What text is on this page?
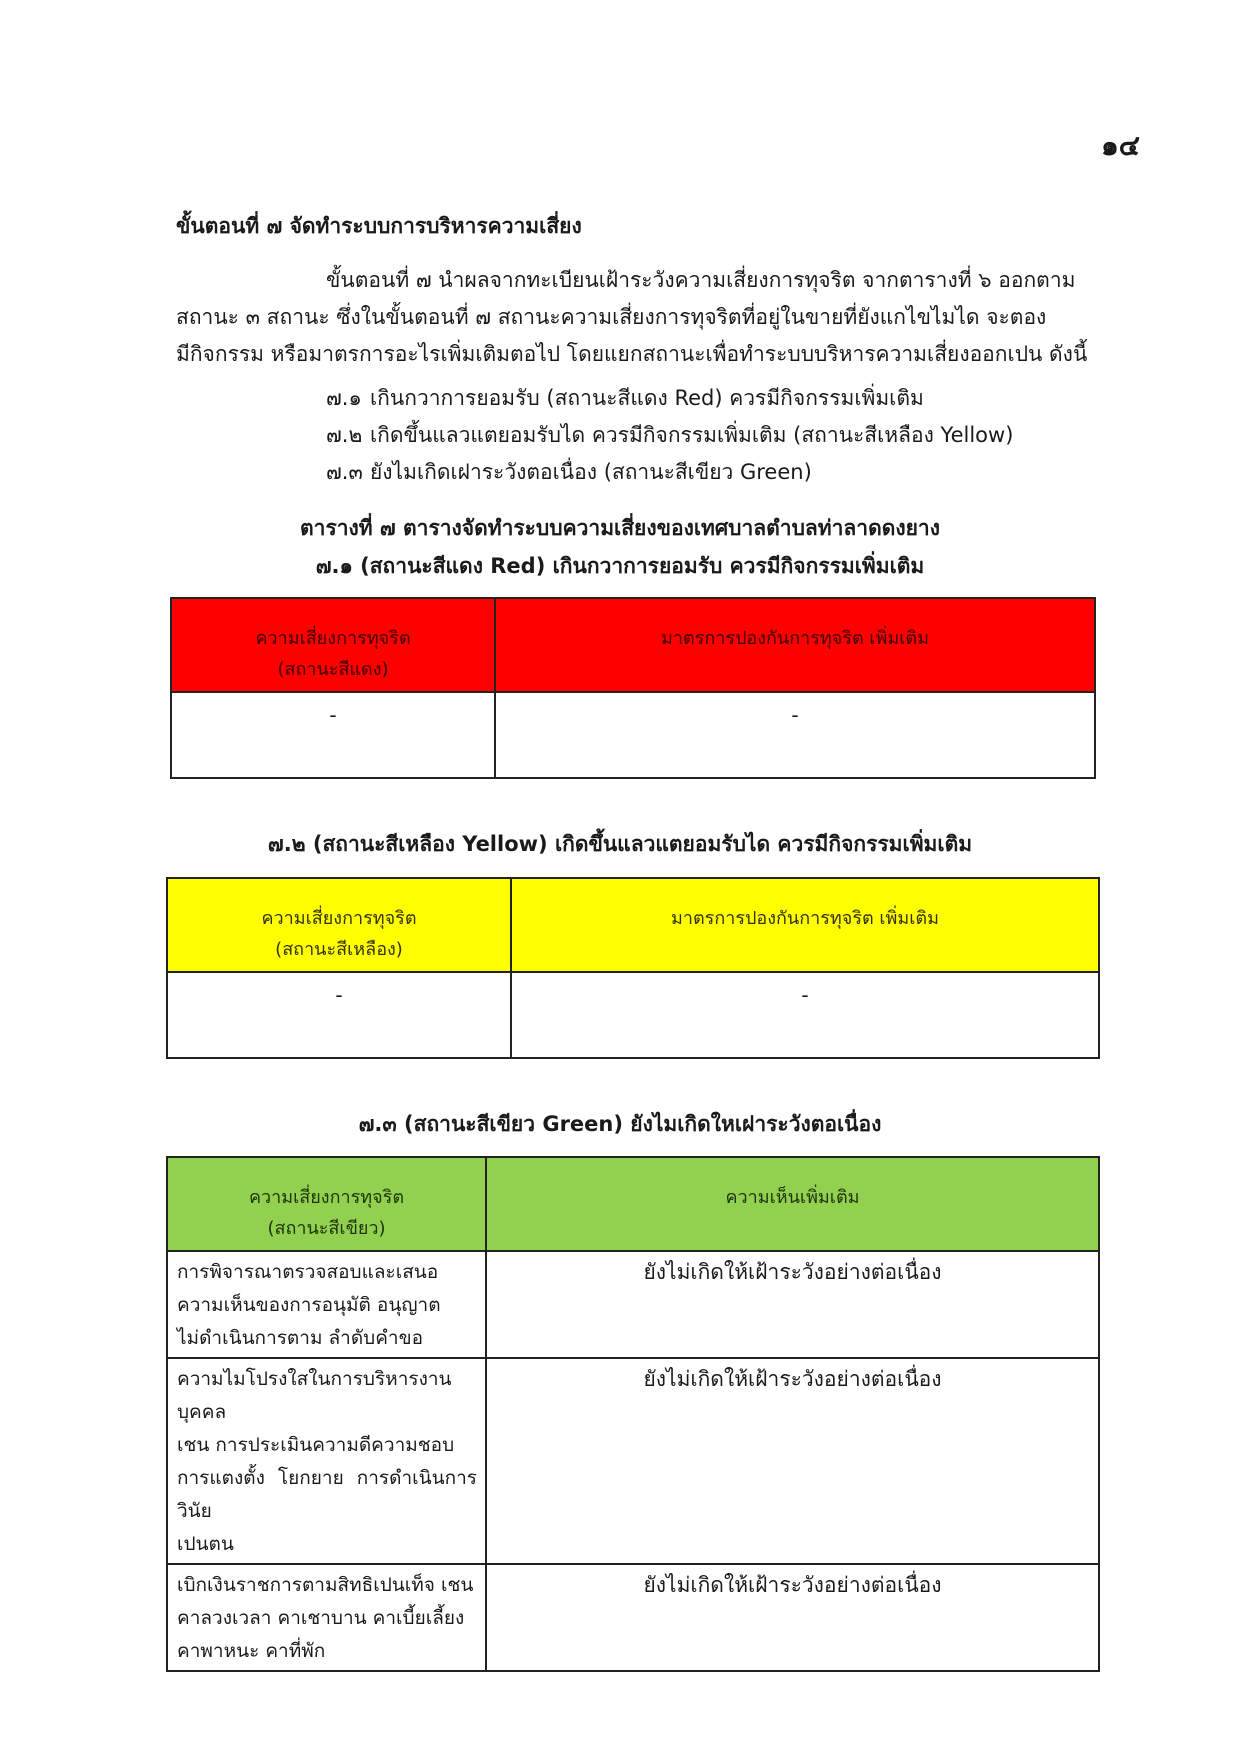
๑๔
ขั้นตอนที่ ๗ จัดทำระบบการบริหารความเสี่ยง
ขั้นตอนที่ ๗ นำผลจากทะเบียนเฝ้าระวังความเสี่ยงการทุจริต จากตารางที่ ๖ ออกตาม
สถานะ ๓ สถานะ ซึ่งในขั้นตอนที่ ๗ สถานะความเสี่ยงการทุจริตที่อยู่ในขายที่ยังแกไขไมได จะตอง
มีกิจกรรม หรือมาตรการอะไรเพิ่มเติมตอไป โดยแยกสถานะเพื่อทำระบบบริหารความเสี่ยงออกเปน ดังนี้
๗.๑ เกินกวาการยอมรับ (สถานะสีแดง Red) ควรมีกิจกรรมเพิ่มเติม
๗.๒ เกิดขึ้นแลวแตยอมรับได ควรมีกิจกรรมเพิ่มเติม (สถานะสีเหลือง Yellow)
๗.๓ ยังไมเกิดเฝาระวังตอเนื่อง (สถานะสีเขียว Green)
ตารางที่ ๗ ตารางจัดทำระบบความเสี่ยงของเทศบาลตำบลท่าลาดดงยาง
๗.๑ (สถานะสีแดง Red) เกินกวาการยอมรับ ควรมีกิจกรรมเพิ่มเติม
ความเสี่ยงการทุจริต
(สถานะสีแดง)	มาตรการปองกันการทุจริต เพิ่มเติม

-	-
๗.๒ (สถานะสีเหลือง Yellow) เกิดขึ้นแลวแตยอมรับได ควรมีกิจกรรมเพิ่มเติม
ความเสี่ยงการทุจริต
(สถานะสีเหลือง)	มาตรการปองกันการทุจริต เพิ่มเติม

-	-
๗.๓ (สถานะสีเขียว Green) ยังไมเกิดใหเฝาระวังตอเนื่อง
ความเสี่ยงการทุจริต
(สถานะสีเขียว)	ความเห็นเพิ่มเติม

การพิจารณาตรวจสอบและเสนอ
ความเห็นของการอนุมัติ อนุญาต
ไม่ดำเนินการตาม ลำดับคำขอ	ยังไม่เกิดให้เฝ้าระวังอย่างต่อเนื่อง
ความไมโปรงใสในการบริหารงานบุคคล
เชน การประเมินความดีความชอบ
การแตงตั้ง โยกยาย การดำเนินการวินัย
เปนตน	ยังไม่เกิดให้เฝ้าระวังอย่างต่อเนื่อง
เบิกเงินราชการตามสิทธิเปนเท็จ เชน
คาลวงเวลา คาเชาบาน คาเบี้ยเลี้ยง
คาพาหนะ คาที่พัก	ยังไม่เกิดให้เฝ้าระวังอย่างต่อเนื่อง
